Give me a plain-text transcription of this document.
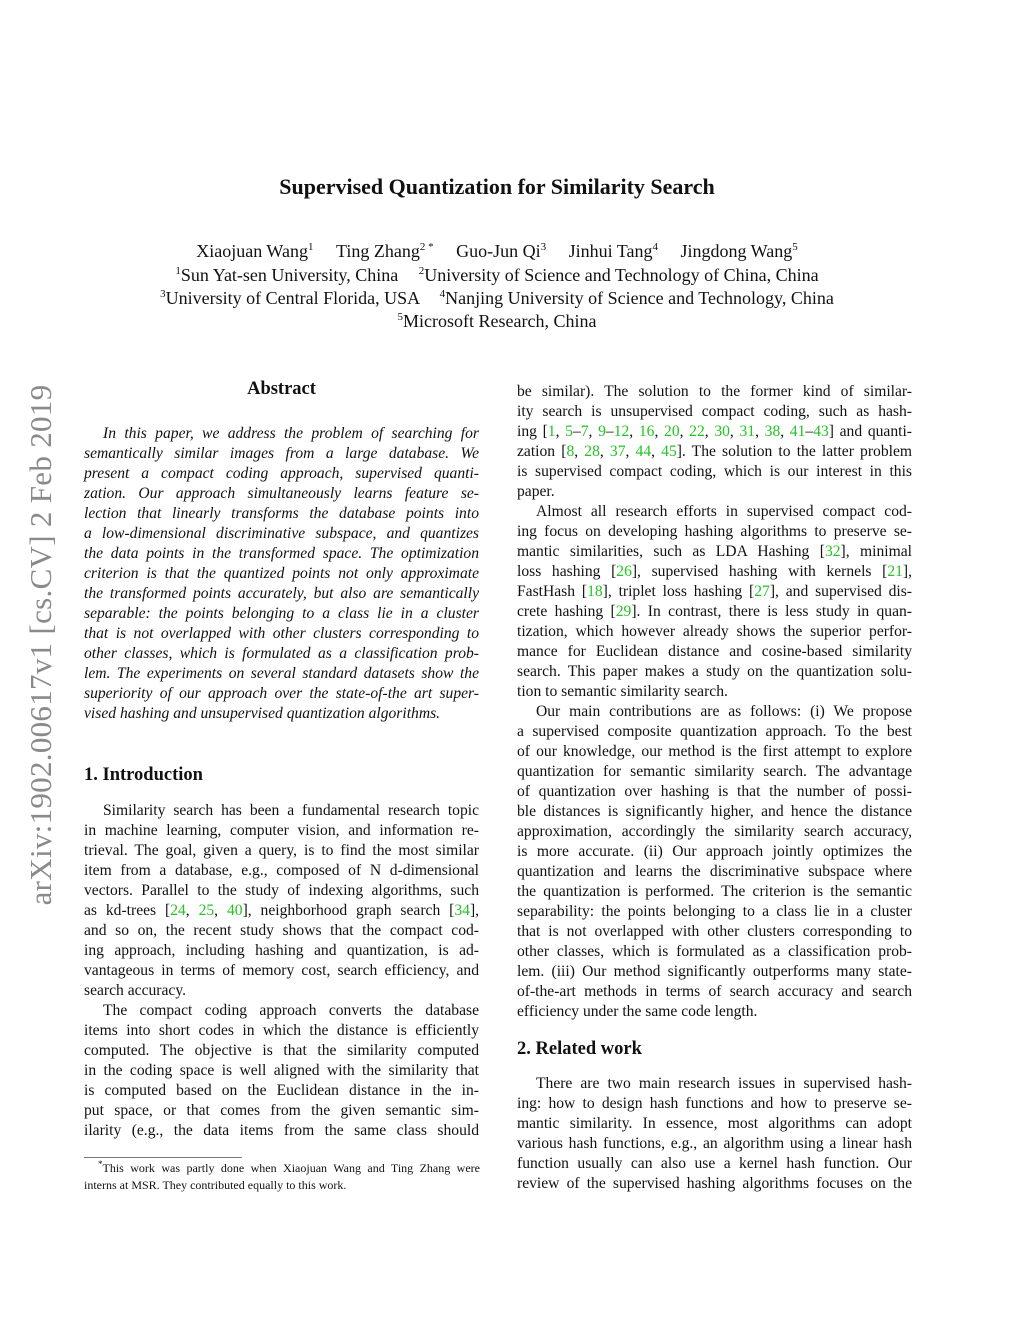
arXiv:1902.00617v1 [cs.CV] 2 Feb 2019
Supervised Quantization for Similarity Search
Xiaojuan Wang$^1$ Ting Zhang$^{2 *}$ Guo-Jun Qi$^3$ Jinhui Tang$^4$ Jingdong Wang$^5$
$^1$Sun Yat-sen University, China $^2$University of Science and Technology of China, China
$^3$University of Central Florida, USA $^4$Nanjing University of Science and Technology, China
$^5$Microsoft Research, China
Abstract
In this paper, we address the problem of searching for
semantically similar images from a large database. We
present a compact coding approach, supervised quanti-
zation. Our approach simultaneously learns feature se-
lection that linearly transforms the database points into
a low-dimensional discriminative subspace, and quantizes
the data points in the transformed space. The optimization
criterion is that the quantized points not only approximate
the transformed points accurately, but also are semantically
separable: the points belonging to a class lie in a cluster
that is not overlapped with other clusters corresponding to
other classes, which is formulated as a classification prob-
lem. The experiments on several standard datasets show the
superiority of our approach over the state-of-the art super-
vised hashing and unsupervised quantization algorithms.
1. Introduction
Similarity search has been a fundamental research topic
in machine learning, computer vision, and information re-
trieval. The goal, given a query, is to find the most similar
item from a database, e.g., composed of N d-dimensional
vectors. Parallel to the study of indexing algorithms, such
as kd-trees [24, 25, 40], neighborhood graph search [34],
and so on, the recent study shows that the compact cod-
ing approach, including hashing and quantization, is ad-
vantageous in terms of memory cost, search efficiency, and
search accuracy.
The compact coding approach converts the database
items into short codes in which the distance is efficiently
computed. The objective is that the similarity computed
in the coding space is well aligned with the similarity that
is computed based on the Euclidean distance in the in-
put space, or that comes from the given semantic sim-
ilarity (e.g., the data items from the same class should
be similar). The solution to the former kind of similar-
ity search is unsupervised compact coding, such as hash-
ing [1, 5–7, 9–12, 16, 20, 22, 30, 31, 38, 41–43] and quanti-
zation [8, 28, 37, 44, 45]. The solution to the latter problem
is supervised compact coding, which is our interest in this
paper.
Almost all research efforts in supervised compact cod-
ing focus on developing hashing algorithms to preserve se-
mantic similarities, such as LDA Hashing [32], minimal
loss hashing [26], supervised hashing with kernels [21],
FastHash [18], triplet loss hashing [27], and supervised dis-
crete hashing [29]. In contrast, there is less study in quan-
tization, which however already shows the superior perfor-
mance for Euclidean distance and cosine-based similarity
search. This paper makes a study on the quantization solu-
tion to semantic similarity search.
Our main contributions are as follows: (i) We propose
a supervised composite quantization approach. To the best
of our knowledge, our method is the first attempt to explore
quantization for semantic similarity search. The advantage
of quantization over hashing is that the number of possi-
ble distances is significantly higher, and hence the distance
approximation, accordingly the similarity search accuracy,
is more accurate. (ii) Our approach jointly optimizes the
quantization and learns the discriminative subspace where
the quantization is performed. The criterion is the semantic
separability: the points belonging to a class lie in a cluster
that is not overlapped with other clusters corresponding to
other classes, which is formulated as a classification prob-
lem. (iii) Our method significantly outperforms many state-
of-the-art methods in terms of search accuracy and search
efficiency under the same code length.
2. Related work
There are two main research issues in supervised hash-
ing: how to design hash functions and how to preserve se-
mantic similarity. In essence, most algorithms can adopt
various hash functions, e.g., an algorithm using a linear hash
function usually can also use a kernel hash function. Our
review of the supervised hashing algorithms focuses on the
*This work was partly done when Xiaojuan Wang and Ting Zhang were
interns at MSR. They contributed equally to this work.
